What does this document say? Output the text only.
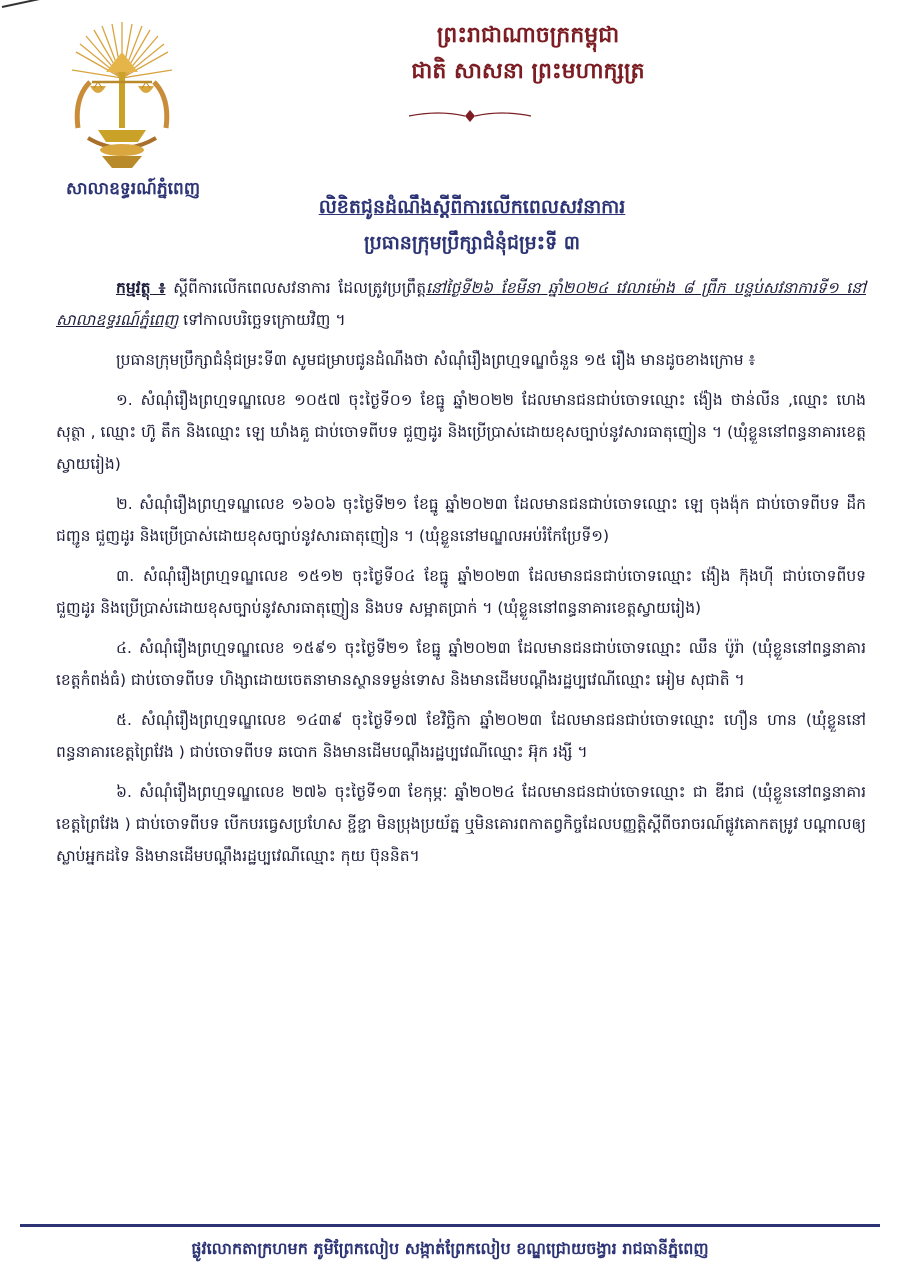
សាលាឧទ្ធរណ៍ភ្នំពេញ
ព្រះរាជាណាចក្រកម្ពុជា
ជាតិ សាសនា ព្រះមហាក្សត្រ
លិខិតជូនដំណឹងស្តីពីការលើកពេលសវនាការ
ប្រធានក្រុមប្រឹក្សាជំនុំជម្រះទី ៣

កម្មវត្ថុ ៖ ស្តីពីការលើកពេលសវនាការ ដែលត្រូវប្រព្រឹត្តនៅថ្ងៃទី២៦ ខែមីនា ឆ្នាំ២០២៤ វេលាម៉ោង ៨ ព្រឹក បន្ទប់សវនាការទី១ នៅសាលាឧទ្ធរណ៍ភ្នំពេញ ទៅកាលបរិច្ឆេទក្រោយវិញ ។

ប្រធានក្រុមប្រឹក្សាជំនុំជម្រះទី៣ សូមជម្រាបជូនដំណឹងថា សំណុំរឿងព្រហ្មទណ្ឌចំនួន ១៥ រឿង មានដូចខាងក្រោម ៖

១. សំណុំរឿងព្រហ្មទណ្ឌលេខ ១០៥៧ ចុះថ្ងៃទី០១ ខែធ្នូ ឆ្នាំ២០២២ ដែលមានជនជាប់ចោទឈ្មោះ ង៉ៀង ថាន់លីន ,ឈ្មោះ ហេង សុត្ថា , ឈ្មោះ ហ៊ូ តឹក និងឈ្មោះ ឡេ ឃាំងគួ ជាប់ចោទពីបទ ជួញដូរ និងប្រើប្រាស់ដោយខុសច្បាប់នូវសារធាតុញៀន ។ (ឃុំខ្លួននៅពន្ធនាគារខេត្តស្វាយរៀង)

២. សំណុំរឿងព្រហ្មទណ្ឌលេខ ១៦០៦ ចុះថ្ងៃទី២១ ខែធ្នូ ឆ្នាំ២០២៣ ដែលមានជនជាប់ចោទឈ្មោះ ឡេ ចុងង៉ុក ជាប់ចោទពីបទ ដឹកជញ្ជូន ជួញដូរ និងប្រើប្រាស់ដោយខុសច្បាប់នូវសារធាតុញៀន ។ (ឃុំខ្លួននៅមណ្ឌលអប់រំកែប្រែទី១)

៣. សំណុំរឿងព្រហ្មទណ្ឌលេខ ១៥១២ ចុះថ្ងៃទី០៤ ខែធ្នូ ឆ្នាំ២០២៣ ដែលមានជនជាប់ចោទឈ្មោះ ង៉ៀង ក៊ុងហ៊ី ជាប់ចោទពីបទ ជួញដូរ និងប្រើប្រាស់ដោយខុសច្បាប់នូវសារធាតុញៀន និងបទ សម្អាតប្រាក់ ។ (ឃុំខ្លួននៅពន្ធនាគារខេត្តស្វាយរៀង)

៤. សំណុំរឿងព្រហ្មទណ្ឌលេខ ១៥៩១ ចុះថ្ងៃទី២១ ខែធ្នូ ឆ្នាំ២០២៣ ដែលមានជនជាប់ចោទឈ្មោះ ឈឹន ប៉ូរ៉ា (ឃុំខ្លួននៅពន្ធនាគារខេត្តកំពង់ធំ) ជាប់ចោទពីបទ ហិង្សាដោយចេតនាមានស្ថានទម្ងន់ទោស និងមានដើមបណ្តឹងរដ្ឋប្បវេណីឈ្មោះ អៀម សុជាតិ ។

៥. សំណុំរឿងព្រហ្មទណ្ឌលេខ ១៤៣៩ ចុះថ្ងៃទី១៧ ខែវិច្ឆិកា ឆ្នាំ២០២៣ ដែលមានជនជាប់ចោទឈ្មោះ ហឿន ហាន (ឃុំខ្លួននៅពន្ធនាគារខេត្តព្រៃវែង ) ជាប់ចោទពីបទ ឆបោក និងមានដើមបណ្តឹងរដ្ឋប្បវេណីឈ្មោះ អ៊ុក រង្សី ។

៦. សំណុំរឿងព្រហ្មទណ្ឌលេខ ២៧៦ ចុះថ្ងៃទី១៣ ខែកុម្ភៈ ឆ្នាំ២០២៤ ដែលមានជនជាប់ចោទឈ្មោះ ជា ឌីរាជ (ឃុំខ្លួននៅពន្ធនាគារខេត្តព្រៃវែង ) ជាប់ចោទពីបទ បើកបរធ្វេសប្រហែស ខ្ជីខ្ជា មិនប្រុងប្រយ័ត្ន ឬមិនគោរពកាតព្វកិច្ចដែលបញ្ញត្តិស្តីពីចរាចរណ៍ផ្លូវគោកតម្រូវ បណ្តាលឲ្យស្លាប់អ្នកដទៃ និងមានដើមបណ្តឹងរដ្ឋប្បវេណីឈ្មោះ កុយ ប៊ុននិត។

ផ្លូវលោកតាក្រហមក ភូមិព្រែកលៀប សង្កាត់ព្រែកលៀប ខណ្ឌជ្រោយចង្វារ រាជធានីភ្នំពេញ
